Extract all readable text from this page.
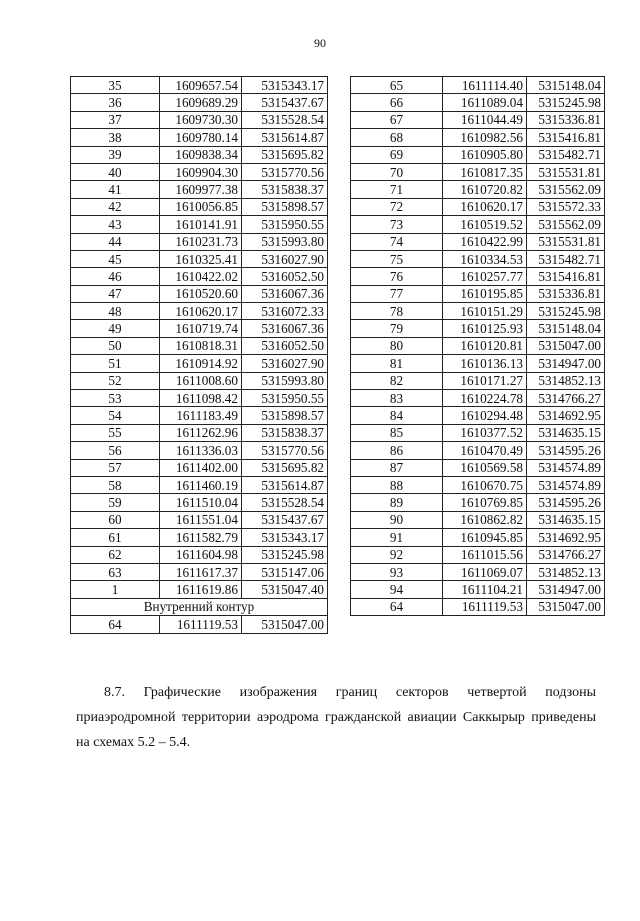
90
35	1609657.54	5315343.17
36	1609689.29	5315437.67
37	1609730.30	5315528.54
38	1609780.14	5315614.87
39	1609838.34	5315695.82
40	1609904.30	5315770.56
41	1609977.38	5315838.37
42	1610056.85	5315898.57
43	1610141.91	5315950.55
44	1610231.73	5315993.80
45	1610325.41	5316027.90
46	1610422.02	5316052.50
47	1610520.60	5316067.36
48	1610620.17	5316072.33
49	1610719.74	5316067.36
50	1610818.31	5316052.50
51	1610914.92	5316027.90
52	1611008.60	5315993.80
53	1611098.42	5315950.55
54	1611183.49	5315898.57
55	1611262.96	5315838.37
56	1611336.03	5315770.56
57	1611402.00	5315695.82
58	1611460.19	5315614.87
59	1611510.04	5315528.54
60	1611551.04	5315437.67
61	1611582.79	5315343.17
62	1611604.98	5315245.98
63	1611617.37	5315147.06
1	1611619.86	5315047.40
Внутренний контур		
64	1611119.53	5315047.00
65	1611114.40	5315148.04
66	1611089.04	5315245.98
67	1611044.49	5315336.81
68	1610982.56	5315416.81
69	1610905.80	5315482.71
70	1610817.35	5315531.81
71	1610720.82	5315562.09
72	1610620.17	5315572.33
73	1610519.52	5315562.09
74	1610422.99	5315531.81
75	1610334.53	5315482.71
76	1610257.77	5315416.81
77	1610195.85	5315336.81
78	1610151.29	5315245.98
79	1610125.93	5315148.04
80	1610120.81	5315047.00
81	1610136.13	5314947.00
82	1610171.27	5314852.13
83	1610224.78	5314766.27
84	1610294.48	5314692.95
85	1610377.52	5314635.15
86	1610470.49	5314595.26
87	1610569.58	5314574.89
88	1610670.75	5314574.89
89	1610769.85	5314595.26
90	1610862.82	5314635.15
91	1610945.85	5314692.95
92	1611015.56	5314766.27
93	1611069.07	5314852.13
94	1611104.21	5314947.00
64	1611119.53	5315047.00
8.7. Графические изображения границ секторов четвертой подзоны приаэродромной территории аэродрома гражданской авиации Саккырыр приведены на схемах 5.2 – 5.4.
